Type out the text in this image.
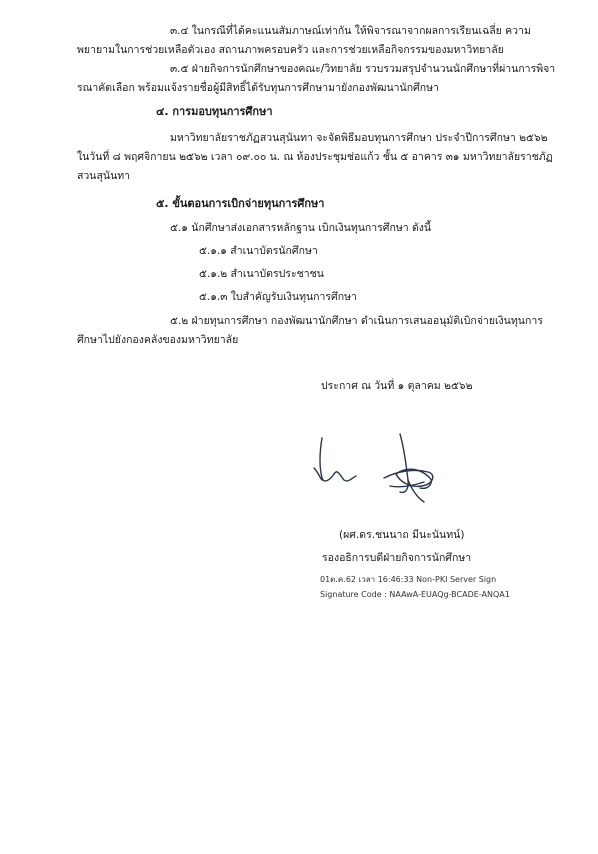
๓.๔ ในกรณีที่ได้คะแนนสัมภาษณ์เท่ากัน ให้พิจารณาจากผลการเรียนเฉลี่ย ความ
พยายามในการช่วยเหลือตัวเอง สถานภาพครอบครัว และการช่วยเหลือกิจกรรมของมหาวิทยาลัย
๓.๕ ฝ่ายกิจการนักศึกษาของคณะ/วิทยาลัย รวบรวมสรุปจำนวนนักศึกษาที่ผ่านการพิจา
รณาคัดเลือก พร้อมแจ้งรายชื่อผู้มีสิทธิ์ได้รับทุนการศึกษามายังกองพัฒนานักศึกษา
๔. การมอบทุนการศึกษา
มหาวิทยาลัยราชภัฏสวนสุนันทา จะจัดพิธีมอบทุนการศึกษา ประจำปีการศึกษา ๒๕๖๒
ในวันที่ ๘ พฤศจิกายน ๒๕๖๒ เวลา ๐๙.๐๐ น. ณ ห้องประชุมช่อแก้ว ชั้น ๕ อาคาร ๓๑ มหาวิทยาลัยราชภัฏ
สวนสุนันทา
๕. ขั้นตอนการเบิกจ่ายทุนการศึกษา
๕.๑ นักศึกษาส่งเอกสารหลักฐาน เบิกเงินทุนการศึกษา ดังนี้
๕.๑.๑ สำเนาบัตรนักศึกษา
๕.๑.๒ สำเนาบัตรประชาชน
๕.๑.๓ ใบสำคัญรับเงินทุนการศึกษา
๕.๒ ฝ่ายทุนการศึกษา กองพัฒนานักศึกษา ดำเนินการเสนออนุมัติเบิกจ่ายเงินทุนการ
ศึกษาไปยังกองคลังของมหาวิทยาลัย
ประกาศ ณ วันที่ ๑ ตุลาคม ๒๕๖๒
(ผศ.ดร.ชนนาถ มีนะนันทน์)
รองอธิการบดีฝ่ายกิจการนักศึกษา
01ต.ค.62 เวลา 16:46:33 Non-PKI Server Sign
Signature Code : NAAwA-EUAQg-BCADE-ANQA1
